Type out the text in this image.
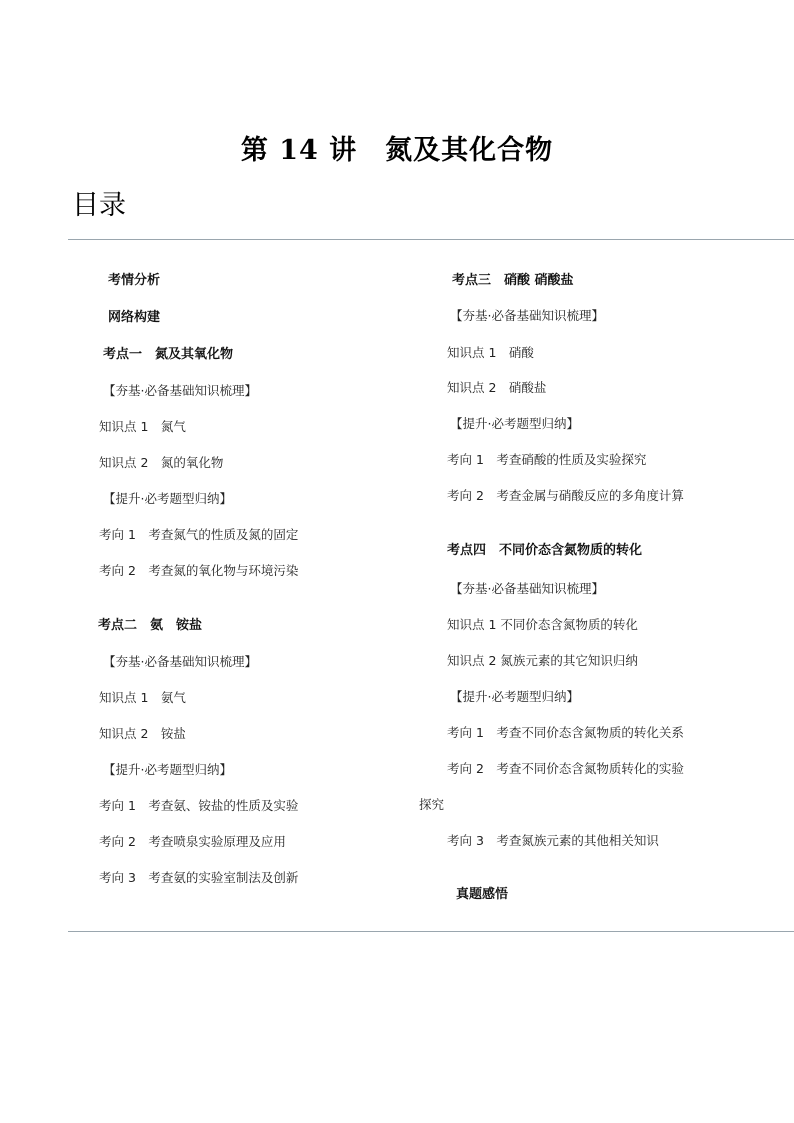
第 14 讲　氮及其化合物
目录
考情分析
网络构建
考点一　氮及其氧化物
【夯基·必备基础知识梳理】
知识点 1　氮气
知识点 2　氮的氧化物
【提升·必考题型归纳】
考向 1　考查氮气的性质及氮的固定
考向 2　考查氮的氧化物与环境污染
考点二　氨　铵盐
【夯基·必备基础知识梳理】
知识点 1　氨气
知识点 2　铵盐
【提升·必考题型归纳】
考向 1　考查氨、铵盐的性质及实验
考向 2　考查喷泉实验原理及应用
考向 3　考查氨的实验室制法及创新
考点三　硝酸 硝酸盐
【夯基·必备基础知识梳理】
知识点 1　硝酸
知识点 2　硝酸盐
【提升·必考题型归纳】
考向 1　考查硝酸的性质及实验探究
考向 2　考查金属与硝酸反应的多角度计算
考点四　不同价态含氮物质的转化
【夯基·必备基础知识梳理】
知识点 1 不同价态含氮物质的转化
知识点 2 氮族元素的其它知识归纳
【提升·必考题型归纳】
考向 1　考查不同价态含氮物质的转化关系
考向 2　考查不同价态含氮物质转化的实验
探究
考向 3　考查氮族元素的其他相关知识
真题感悟
